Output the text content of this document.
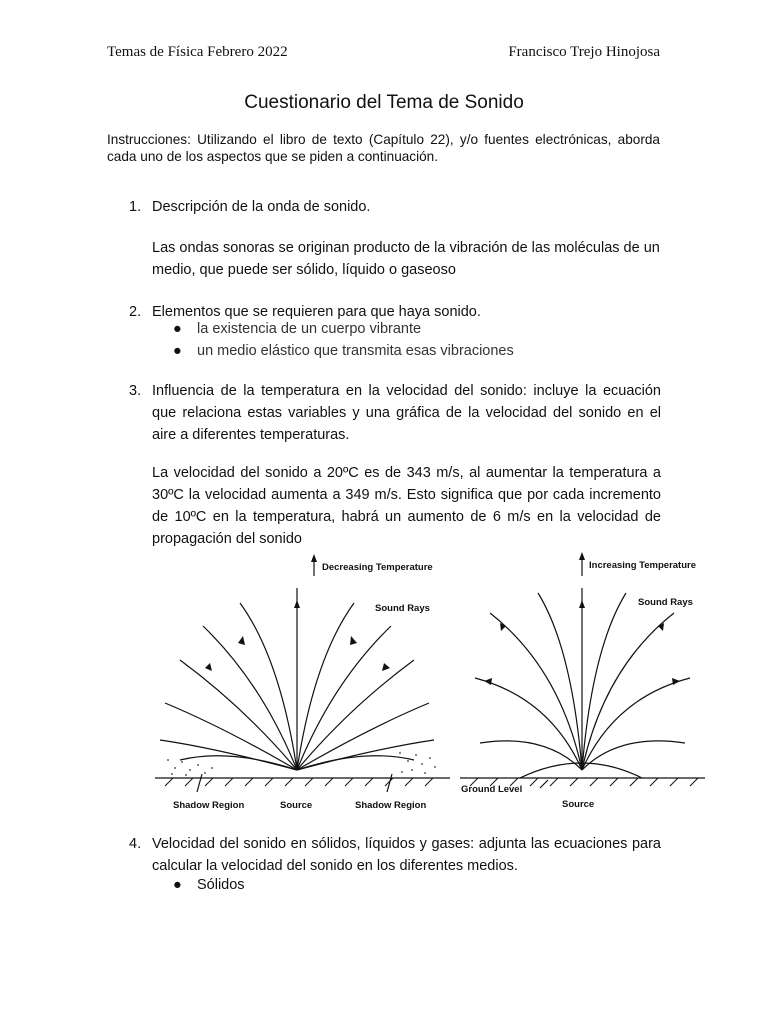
Temas de Física Febrero 2022	Francisco Trejo Hinojosa
Cuestionario del Tema de Sonido
Instrucciones: Utilizando el libro de texto (Capítulo 22), y/o fuentes electrónicas, aborda cada uno de los aspectos que se piden a continuación.
1. Descripción de la onda de sonido.
Las ondas sonoras se originan producto de la vibración de las moléculas de un medio, que puede ser sólido, líquido o gaseoso
2. Elementos que se requieren para que haya sonido.
● la existencia de un cuerpo vibrante
● un medio elástico que transmita esas vibraciones
3. Influencia de la temperatura en la velocidad del sonido: incluye la ecuación que relaciona estas variables y una gráfica de la velocidad del sonido en el aire a diferentes temperaturas.
La velocidad del sonido a 20ºC es de 343 m/s, al aumentar la temperatura a 30ºC la velocidad aumenta a 349 m/s. Esto significa que por cada incremento de 10ºC en la temperatura, habrá un aumento de 6 m/s en la velocidad de propagación del sonido
Decreasing Temperature	Increasing Temperature
Sound Rays
Sound Rays
Shadow Region	Source	Shadow Region
Ground Level
Source
4. Velocidad del sonido en sólidos, líquidos y gases: adjunta las ecuaciones para calcular la velocidad del sonido en los diferentes medios.
● Sólidos
